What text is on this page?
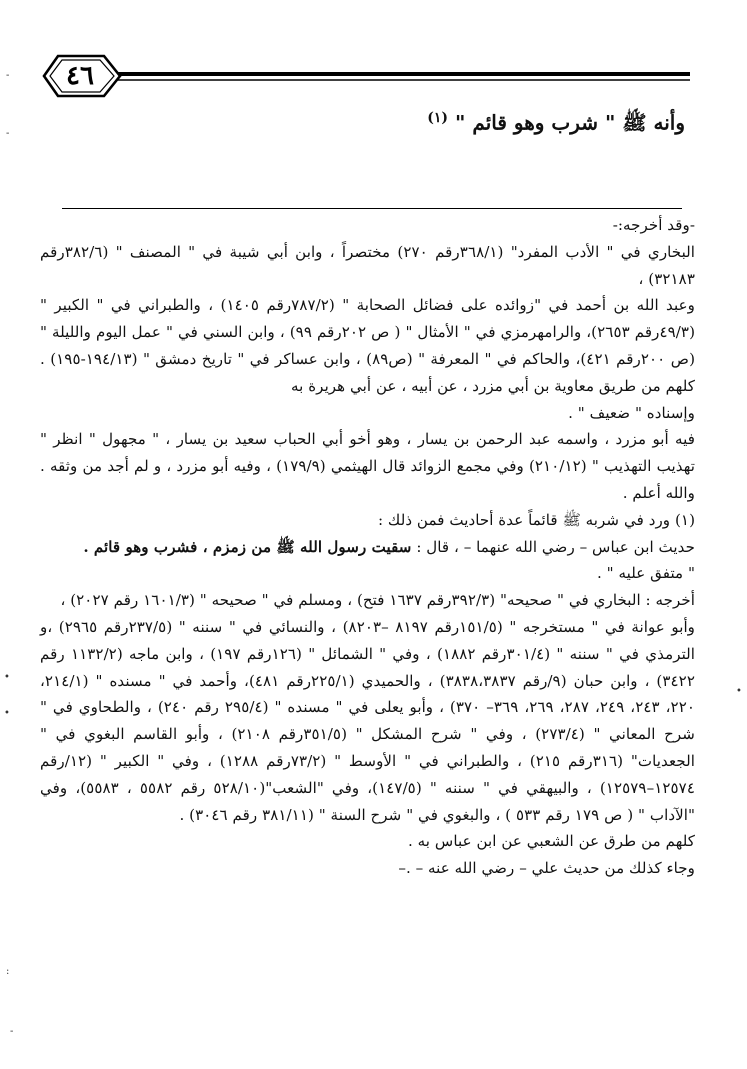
٤٦
وأنه ﷺ " شرب وهو قائم " $^{(١)}$

-وقد أخرجه:-

البخاري في " الأدب المفرد" (٣٦٨/١رقم ٢٧٠) مختصراً ، وابن أبي شيبة في " المصنف " (٣٨٢/٦رقم ٣٢١٨٣) ،

وعبد الله بن أحمد في "زوائده على فضائل الصحابة " (٧٨٧/٢رقم ١٤٠٥) ، والطبراني في " الكبير " (٤٩/٣رقم ٢٦٥٣)، والرامهرمزي في " الأمثال " ( ص ٢٠٢رقم ٩٩) ، وابن السني في " عمل اليوم والليلة " (ص ٢٠٠رقم ٤٢١)، والحاكم في " المعرفة " (ص٨٩) ، وابن عساكر في " تاريخ دمشق " (١٩٤/١٣-١٩٥) . كلهم من طريق معاوية بن أبي مزرد ، عن أبيه ، عن أبي هريرة به

وإسناده " ضعيف " .

فيه أبو مزرد ، واسمه عبد الرحمن بن يسار ، وهو أخو أبي الحباب سعيد بن يسار ، " مجهول " انظر " تهذيب التهذيب " (٢١٠/١٢) وفي مجمع الزوائد قال الهيثمي (١٧٩/٩) ، وفيه أبو مزرد ، و لم أجد من وثقه . والله أعلم .

(١) ورد في شربه ﷺ قائماً عدة أحاديث فمن ذلك :

حديث ابن عباس – رضي الله عنهما – ، قال : سقيت رسول الله ﷺ من زمزم ، فشرب وهو قائم .

" متفق عليه " .

أخرجه : البخاري في " صحيحه" (٣٩٢/٣رقم ١٦٣٧ فتح) ، ومسلم في " صحيحه " (١٦٠١/٣ رقم ٢٠٢٧) ،

وأبو عوانة في " مستخرجه " (١٥١/٥رقم ٨١٩٧ –٨٢٠٣) ، والنسائي في " سننه " (٢٣٧/٥رقم ٢٩٦٥) ،و الترمذي في " سننه " (٣٠١/٤رقم ١٨٨٢) ، وفي " الشمائل " (١٢٦رقم ١٩٧) ، وابن ماجه (١١٣٢/٢ رقم ٣٤٢٢) ، وابن حبان (٩/رقم ٣٨٣٨،٣٨٣٧) ، والحميدي (٢٢٥/١رقم ٤٨١)، وأحمد في " مسنده " (٢١٤/١، ٢٢٠، ٢٤٣، ٢٤٩، ٢٨٧، ٢٦٩، ٣٦٩– ٣٧٠) ، وأبو يعلى في " مسنده " (٢٩٥/٤ رقم ٢٤٠) ، والطحاوي في " شرح المعاني " (٢٧٣/٤) ، وفي " شرح المشكل " (٣٥١/٥رقم ٢١٠٨) ، وأبو القاسم البغوي في " الجعديات" (٣١٦رقم ٢١٥) ، والطبراني في " الأوسط " (٧٣/٢رقم ١٢٨٨) ، وفي " الكبير " (١٢/رقم ١٢٥٧٤–١٢٥٧٩) ، والبيهقي في " سننه " (١٤٧/٥)، وفي "الشعب"(٥٢٨/١٠ رقم ٥٥٨٢ ، ٥٥٨٣)، وفي "الآداب " ( ص ١٧٩ رقم ٥٣٣ ) ، والبغوي في " شرح السنة " (٣٨١/١١ رقم ٣٠٤٦) .

كلهم من طرق عن الشعبي عن ابن عباس به .

وجاء كذلك من حديث علي – رضي الله عنه – .–

-
-
•
•
:
-
•
